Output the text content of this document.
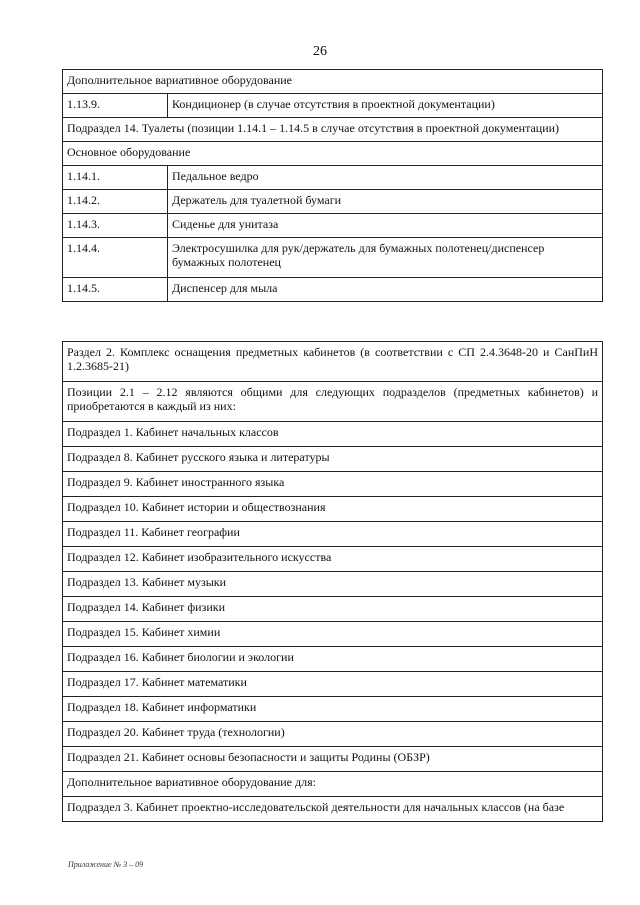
26
Дополнительное вариативное оборудование	
1.13.9.	Кондиционер (в случае отсутствия в проектной документации)
Подраздел 14. Туалеты (позиции 1.14.1 – 1.14.5 в случае отсутствия в проектной документации)	
Основное оборудование	
1.14.1.	Педальное ведро
1.14.2.	Держатель для туалетной бумаги
1.14.3.	Сиденье для унитаза
1.14.4.	Электросушилка для рук/держатель для бумажных полотенец/диспенсер бумажных полотенец
1.14.5.	Диспенсер для мыла
Раздел 2. Комплекс оснащения предметных кабинетов (в соответствии с СП 2.4.3648-20 и СанПиН 1.2.3685-21)
Позиции 2.1 – 2.12 являются общими для следующих подразделов (предметных кабинетов) и приобретаются в каждый из них:
Подраздел 1. Кабинет начальных классов
Подраздел 8. Кабинет русского языка и литературы
Подраздел 9. Кабинет иностранного языка
Подраздел 10. Кабинет истории и обществознания
Подраздел 11. Кабинет географии
Подраздел 12. Кабинет изобразительного искусства
Подраздел 13. Кабинет музыки
Подраздел 14. Кабинет физики
Подраздел 15. Кабинет химии
Подраздел 16. Кабинет биологии и экологии
Подраздел 17. Кабинет математики
Подраздел 18. Кабинет информатики
Подраздел 20. Кабинет труда (технологии)
Подраздел 21. Кабинет основы безопасности и защиты Родины (ОБЗР)
Дополнительное вариативное оборудование для:
Подраздел 3. Кабинет проектно-исследовательской деятельности для начальных классов (на базе
Приложение № 3 – 09
